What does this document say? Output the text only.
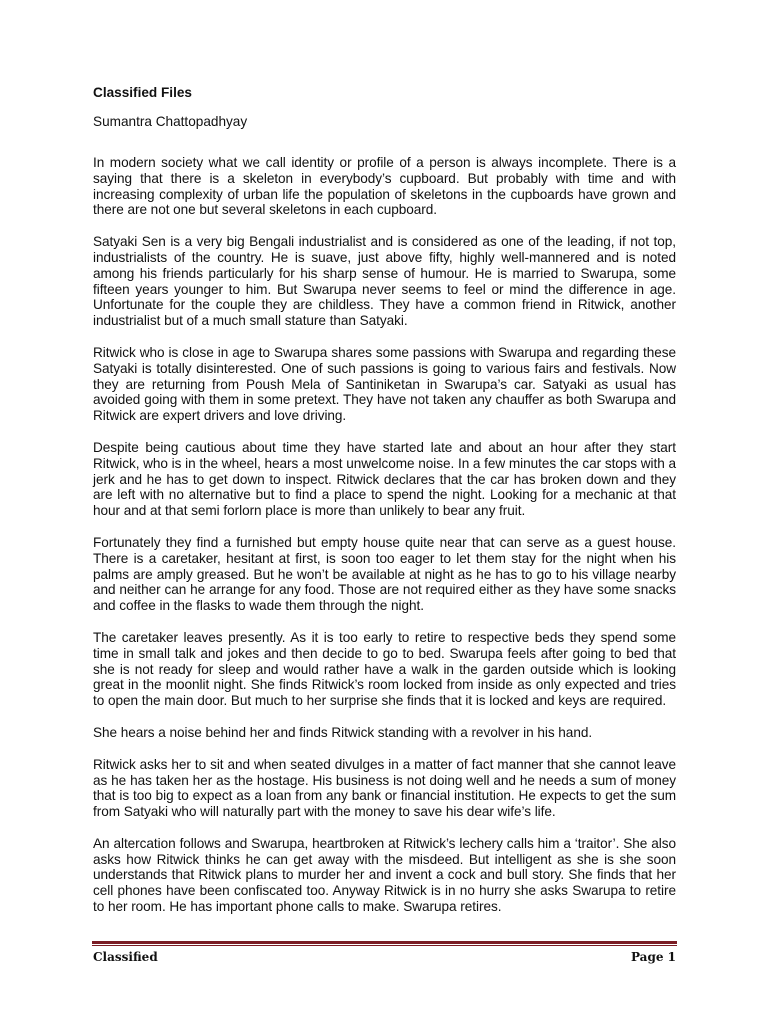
Classified Files
Sumantra Chattopadhyay

In modern society what we call identity or profile of a person is always incomplete. There is a saying that there is a skeleton in everybody’s cupboard. But probably with time and with increasing complexity of urban life the population of skeletons in the cupboards have grown and there are not one but several skeletons in each cupboard.

Satyaki Sen is a very big Bengali industrialist and is considered as one of the leading, if not top, industrialists of the country. He is suave, just above fifty, highly well-mannered and is noted among his friends particularly for his sharp sense of humour. He is married to Swarupa, some fifteen years younger to him. But Swarupa never seems to feel or mind the difference in age. Unfortunate for the couple they are childless. They have a common friend in Ritwick, another industrialist but of a much small stature than Satyaki.

Ritwick who is close in age to Swarupa shares some passions with Swarupa and regarding these Satyaki is totally disinterested. One of such passions is going to various fairs and festivals. Now they are returning from Poush Mela of Santiniketan in Swarupa’s car. Satyaki as usual has avoided going with them in some pretext. They have not taken any chauffer as both Swarupa and Ritwick are expert drivers and love driving.

Despite being cautious about time they have started late and about an hour after they start Ritwick, who is in the wheel, hears a most unwelcome noise. In a few minutes the car stops with a jerk and he has to get down to inspect. Ritwick declares that the car has broken down and they are left with no alternative but to find a place to spend the night. Looking for a mechanic at that hour and at that semi forlorn place is more than unlikely to bear any fruit.

Fortunately they find a furnished but empty house quite near that can serve as a guest house. There is a caretaker, hesitant at first, is soon too eager to let them stay for the night when his palms are amply greased. But he won’t be available at night as he has to go to his village nearby and neither can he arrange for any food. Those are not required either as they have some snacks and coffee in the flasks to wade them through the night.

The caretaker leaves presently. As it is too early to retire to respective beds they spend some time in small talk and jokes and then decide to go to bed. Swarupa feels after going to bed that she is not ready for sleep and would rather have a walk in the garden outside which is looking great in the moonlit night. She finds Ritwick’s room locked from inside as only expected and tries to open the main door. But much to her surprise she finds that it is locked and keys are required.

She hears a noise behind her and finds Ritwick standing with a revolver in his hand.

Ritwick asks her to sit and when seated divulges in a matter of fact manner that she cannot leave as he has taken her as the hostage. His business is not doing well and he needs a sum of money that is too big to expect as a loan from any bank or financial institution. He expects to get the sum from Satyaki who will naturally part with the money to save his dear wife’s life.

An altercation follows and Swarupa, heartbroken at Ritwick’s lechery calls him a ‘traitor’. She also asks how Ritwick thinks he can get away with the misdeed. But intelligent as she is she soon understands that Ritwick plans to murder her and invent a cock and bull story. She finds that her cell phones have been confiscated too. Anyway Ritwick is in no hurry she asks Swarupa to retire to her room. He has important phone calls to make. Swarupa retires.

Classified	Page 1
